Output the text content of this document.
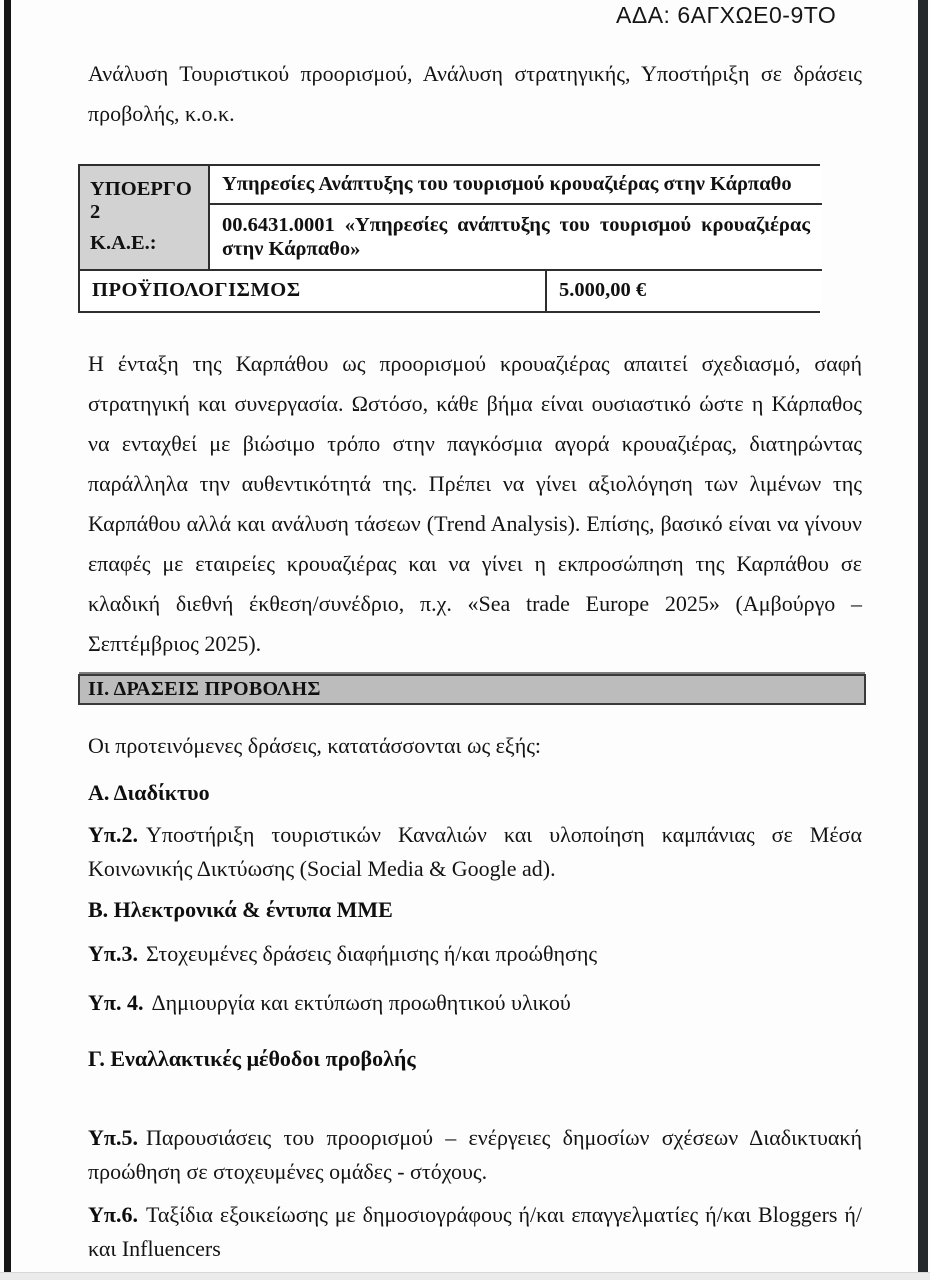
ΑΔΑ: 6ΑΓΧΩΕ0-9ΤΟ

Ανάλυση Τουριστικού προορισμού, Ανάλυση στρατηγικής, Υποστήριξη σε δράσεις προβολής, κ.ο.κ.

ΥΠΟΕΡΓΟ 2
Κ.Α.Ε.:
Υπηρεσίες Ανάπτυξης του τουρισμού κρουαζιέρας στην Κάρπαθο
00.6431.0001 «Υπηρεσίες ανάπτυξης του τουρισμού κρουαζιέρας στην Κάρπαθο»
ΠΡΟΫΠΟΛΟΓΙΣΜΟΣ	5.000,00 €

Η ένταξη της Καρπάθου ως προορισμού κρουαζιέρας απαιτεί σχεδιασμό, σαφή στρατηγική και συνεργασία. Ωστόσο, κάθε βήμα είναι ουσιαστικό ώστε η Κάρπαθος να ενταχθεί με βιώσιμο τρόπο στην παγκόσμια αγορά κρουαζιέρας, διατηρώντας παράλληλα την αυθεντικότητά της. Πρέπει να γίνει αξιολόγηση των λιμένων της Καρπάθου αλλά και ανάλυση τάσεων (Trend Analysis). Επίσης, βασικό είναι να γίνουν επαφές με εταιρείες κρουαζιέρας και να γίνει η εκπροσώπηση της Καρπάθου σε κλαδική διεθνή έκθεση/συνέδριο, π.χ. «Sea trade Europe 2025» (Αμβούργο – Σεπτέμβριος 2025).

ΙΙ. ΔΡΑΣΕΙΣ ΠΡΟΒΟΛΗΣ

Οι προτεινόμενες δράσεις, κατατάσσονται ως εξής:

Α. Διαδίκτυο

Υπ.2. Υποστήριξη τουριστικών Καναλιών και υλοποίηση καμπάνιας σε Μέσα Κοινωνικής Δικτύωσης (Social Media & Google ad).

Β. Ηλεκτρονικά & έντυπα ΜΜΕ

Υπ.3. Στοχευμένες δράσεις διαφήμισης ή/και προώθησης

Υπ. 4. Δημιουργία και εκτύπωση προωθητικού υλικού

Γ. Εναλλακτικές μέθοδοι προβολής

Υπ.5. Παρουσιάσεις του προορισμού – ενέργειες δημοσίων σχέσεων Διαδικτυακή προώθηση σε στοχευμένες ομάδες - στόχους.

Υπ.6. Ταξίδια εξοικείωσης με δημοσιογράφους ή/και επαγγελματίες ή/και Bloggers ή/και Influencers
